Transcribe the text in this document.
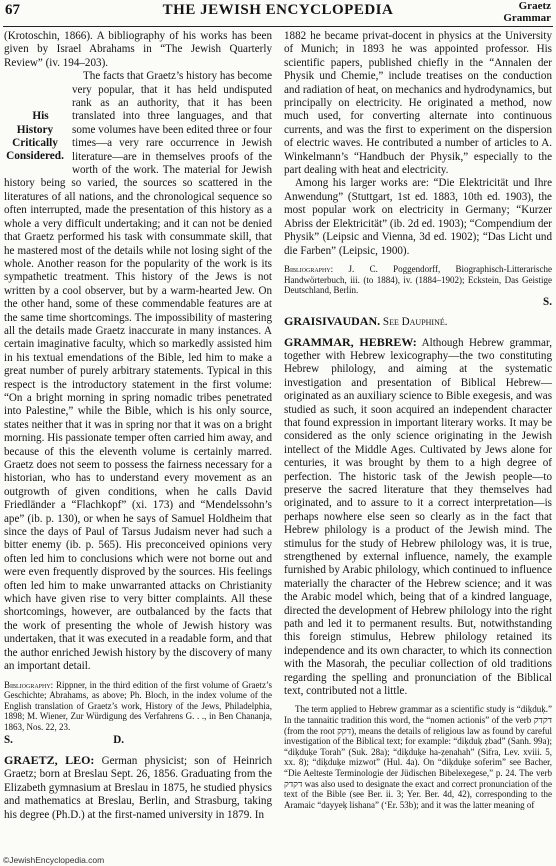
67	THE JEWISH ENCYCLOPEDIA	Graetz
Grammar

(Krotoschin, 1866). A bibliography of his works has been given by Israel Abrahams in “The Jewish Quarterly Review” (iv. 194–203).

His
History
Critically
Considered.
The facts that Graetz’s history has become very popular, that it has held undisputed rank as an authority, that it has been translated into three languages, and that some volumes have been edited three or four times—a very rare occurrence in Jewish literature—are in themselves proofs of the worth of the work. The material for Jewish history being so varied, the sources so scattered in the literatures of all nations, and the chronological sequence so often interrupted, made the presentation of this history as a whole a very difficult undertaking; and it can not be denied that Graetz performed his task with consummate skill, that he mastered most of the details while not losing sight of the whole. Another reason for the popularity of the work is its sympathetic treatment. This history of the Jews is not written by a cool observer, but by a warm-hearted Jew. On the other hand, some of these commendable features are at the same time shortcomings. The impossibility of mastering all the details made Graetz inaccurate in many instances. A certain imaginative faculty, which so markedly assisted him in his textual emendations of the Bible, led him to make a great number of purely arbitrary statements. Typical in this respect is the introductory statement in the first volume: “On a bright morning in spring nomadic tribes penetrated into Palestine,” while the Bible, which is his only source, states neither that it was in spring nor that it was on a bright morning. His passionate temper often carried him away, and because of this the eleventh volume is certainly marred. Graetz does not seem to possess the fairness necessary for a historian, who has to understand every movement as an outgrowth of given conditions, when he calls David Friedländer a “Flachkopf” (xi. 173) and “Mendelssohn’s ape” (ib. p. 130), or when he says of Samuel Holdheim that since the days of Paul of Tarsus Judaism never had such a bitter enemy (ib. p. 565). His preconceived opinions very often led him to conclusions which were not borne out and were even frequently disproved by the sources. His feelings often led him to make unwarranted attacks on Christianity which have given rise to very bitter complaints. All these shortcomings, however, are outbalanced by the facts that the work of presenting the whole of Jewish history was undertaken, that it was executed in a readable form, and that the author enriched Jewish history by the discovery of many an important detail.

Bibliography: Rippner, in the third edition of the first volume of Graetz’s Geschichte; Abrahams, as above; Ph. Bloch, in the index volume of the English translation of Graetz’s work, History of the Jews, Philadelphia, 1898; M. Wiener, Zur Würdigung des Verfahrens G. . ., in Ben Chananja, 1863, Nos. 22, 23.

S.	D.

GRAETZ, LEO: German physicist; son of Heinrich Graetz; born at Breslau Sept. 26, 1856. Graduating from the Elizabeth gymnasium at Breslau in 1875, he studied physics and mathematics at Breslau, Berlin, and Strasburg, taking his degree (Ph.D.) at the first-named university in 1879. In

1882 he became privat-docent in physics at the University of Munich; in 1893 he was appointed professor. His scientific papers, published chiefly in the “Annalen der Physik und Chemie,” include treatises on the conduction and radiation of heat, on mechanics and hydrodynamics, but principally on electricity. He originated a method, now much used, for converting alternate into continuous currents, and was the first to experiment on the dispersion of electric waves. He contributed a number of articles to A. Winkelmann’s “Handbuch der Physik,” especially to the part dealing with heat and electricity.

Among his larger works are: “Die Elektricität und Ihre Anwendung” (Stuttgart, 1st ed. 1883, 10th ed. 1903), the most popular work on electricity in Germany; “Kurzer Abriss der Elektricität” (ib. 2d ed. 1903); “Compendium der Physik” (Leipsic and Vienna, 3d ed. 1902); “Das Licht und die Farben” (Leipsic, 1900).

Bibliography: J. C. Poggendorff, Biographisch-Litterarische Handwörterbuch, iii. (to 1884), iv. (1884–1902); Eckstein, Das Geistige Deutschland, Berlin.

S.

GRAISIVAUDAN. See Dauphiné.

GRAMMAR, HEBREW: Although Hebrew grammar, together with Hebrew lexicography—the two constituting Hebrew philology, and aiming at the systematic investigation and presentation of Biblical Hebrew—originated as an auxiliary science to Bible exegesis, and was studied as such, it soon acquired an independent character that found expression in important literary works. It may be considered as the only science originating in the Jewish intellect of the Middle Ages. Cultivated by Jews alone for centuries, it was brought by them to a high degree of perfection. The historic task of the Jewish people—to preserve the sacred literature that they themselves had originated, and to assure to it a correct interpretation—is perhaps nowhere else seen so clearly as in the fact that Hebrew philology is a product of the Jewish mind. The stimulus for the study of Hebrew philology was, it is true, strengthened by external influence, namely, the example furnished by Arabic philology, which continued to influence materially the character of the Hebrew science; and it was the Arabic model which, being that of a kindred language, directed the development of Hebrew philology into the right path and led it to permanent results. But, notwithstanding this foreign stimulus, Hebrew philology retained its independence and its own character, to which its connection with the Masorah, the peculiar collection of old traditions regarding the spelling and pronunciation of the Biblical text, contributed not a little.

The term applied to Hebrew grammar as a scientific study is “diḳduḳ.” In the tannaitic tradition this word, the “nomen actionis” of the verb דקדק (from the root דקק), means the details of religious law as found by careful investigation of the Biblical text; for example: “diḳduḳ ẓbad” (Sanh. 99a); “diḳduḳe Torah” (Suk. 28a); “diḳduḳe ha-ẓenahah” (Sifra, Lev. xviii. 5, xx. 8); “diḳduḳe mizwot” (Hul. 4a). On “diḳduḳe soferim” see Bacher, “Die Aelteste Terminologie der Jüdischen Bibelexegese,” p. 24. The verb דקדק was also used to designate the exact and correct pronunciation of the text of the Bible (see Ber. ii. 3; Yer. Ber. 4d, 42), corresponding to the Aramaic “dayyeḳ lishana” (‘Er. 53b); and it was the latter meaning of

©JewishEncyclopedia.com
